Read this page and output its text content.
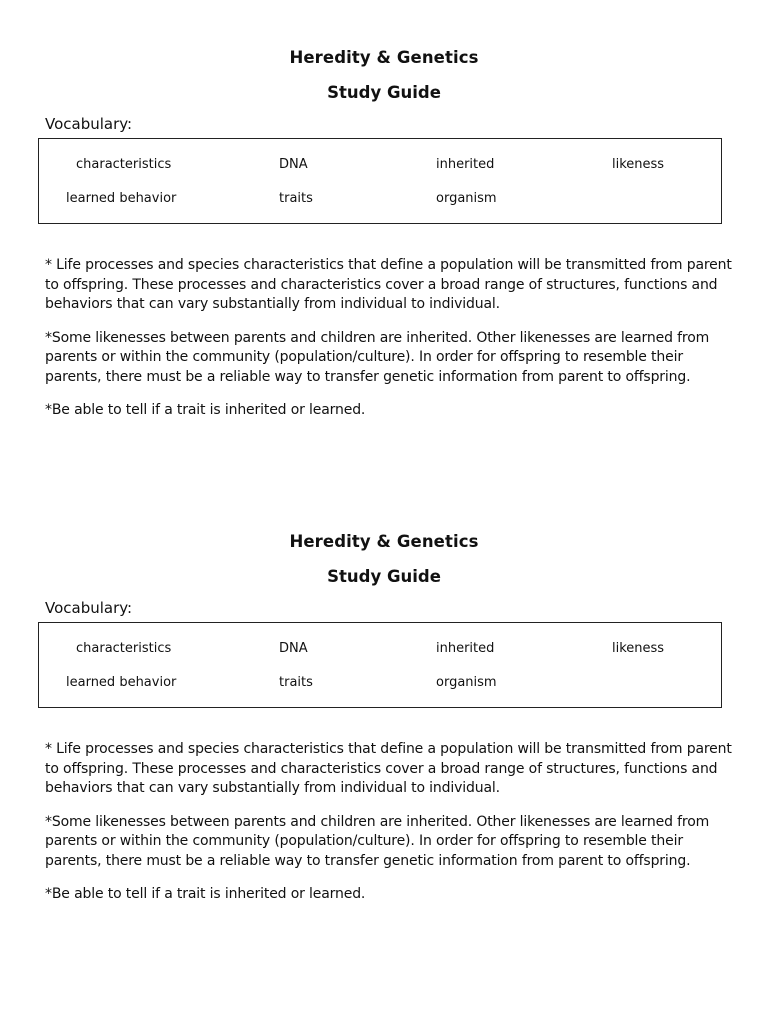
Heredity & Genetics
Study Guide
Vocabulary:
characteristics	DNA	inherited	likeness
learned behavior	traits	organism

* Life processes and species characteristics that define a population will be transmitted from parent to offspring. These processes and characteristics cover a broad range of structures, functions and behaviors that can vary substantially from individual to individual.

*Some likenesses between parents and children are inherited. Other likenesses are learned from parents or within the community (population/culture). In order for offspring to resemble their parents, there must be a reliable way to transfer genetic information from parent to offspring.

*Be able to tell if a trait is inherited or learned.

Heredity & Genetics
Study Guide
Vocabulary:
characteristics	DNA	inherited	likeness
learned behavior	traits	organism

* Life processes and species characteristics that define a population will be transmitted from parent to offspring. These processes and characteristics cover a broad range of structures, functions and behaviors that can vary substantially from individual to individual.

*Some likenesses between parents and children are inherited. Other likenesses are learned from parents or within the community (population/culture). In order for offspring to resemble their parents, there must be a reliable way to transfer genetic information from parent to offspring.

*Be able to tell if a trait is inherited or learned.
